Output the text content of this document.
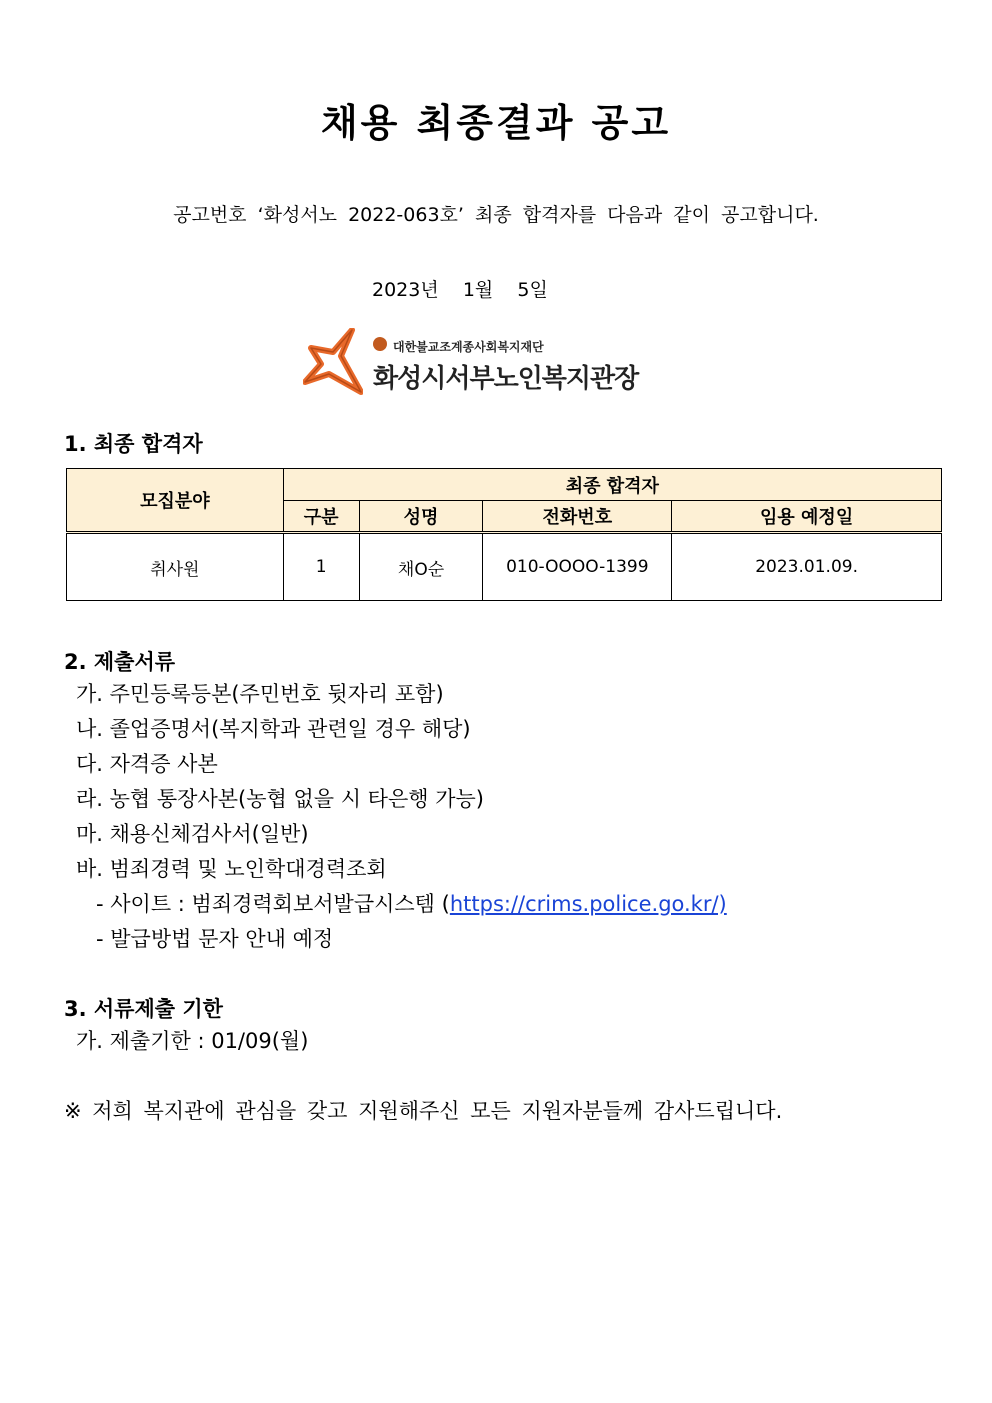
채용 최종결과 공고
공고번호 ‘화성서노 2022-063호’ 최종 합격자를 다음과 같이 공고합니다.
2023년 1월 5일
대한불교조계종사회복지재단
화성시서부노인복지관장
1. 최종 합격자
모집분야	최종 합격자			
	구분	성명	전화번호	임용 예정일
취사원	1	채O순	010-OOOO-1399	2023.01.09.
2. 제출서류
가. 주민등록등본(주민번호 뒷자리 포함)
나. 졸업증명서(복지학과 관련일 경우 해당)
다. 자격증 사본
라. 농협 통장사본(농협 없을 시 타은행 가능)
마. 채용신체검사서(일반)
바. 범죄경력 및 노인학대경력조회
- 사이트 : 범죄경력회보서발급시스템 (https://crims.police.go.kr/)
- 발급방법 문자 안내 예정
3. 서류제출 기한
가. 제출기한 : 01/09(월)
※ 저희 복지관에 관심을 갖고 지원해주신 모든 지원자분들께 감사드립니다.
